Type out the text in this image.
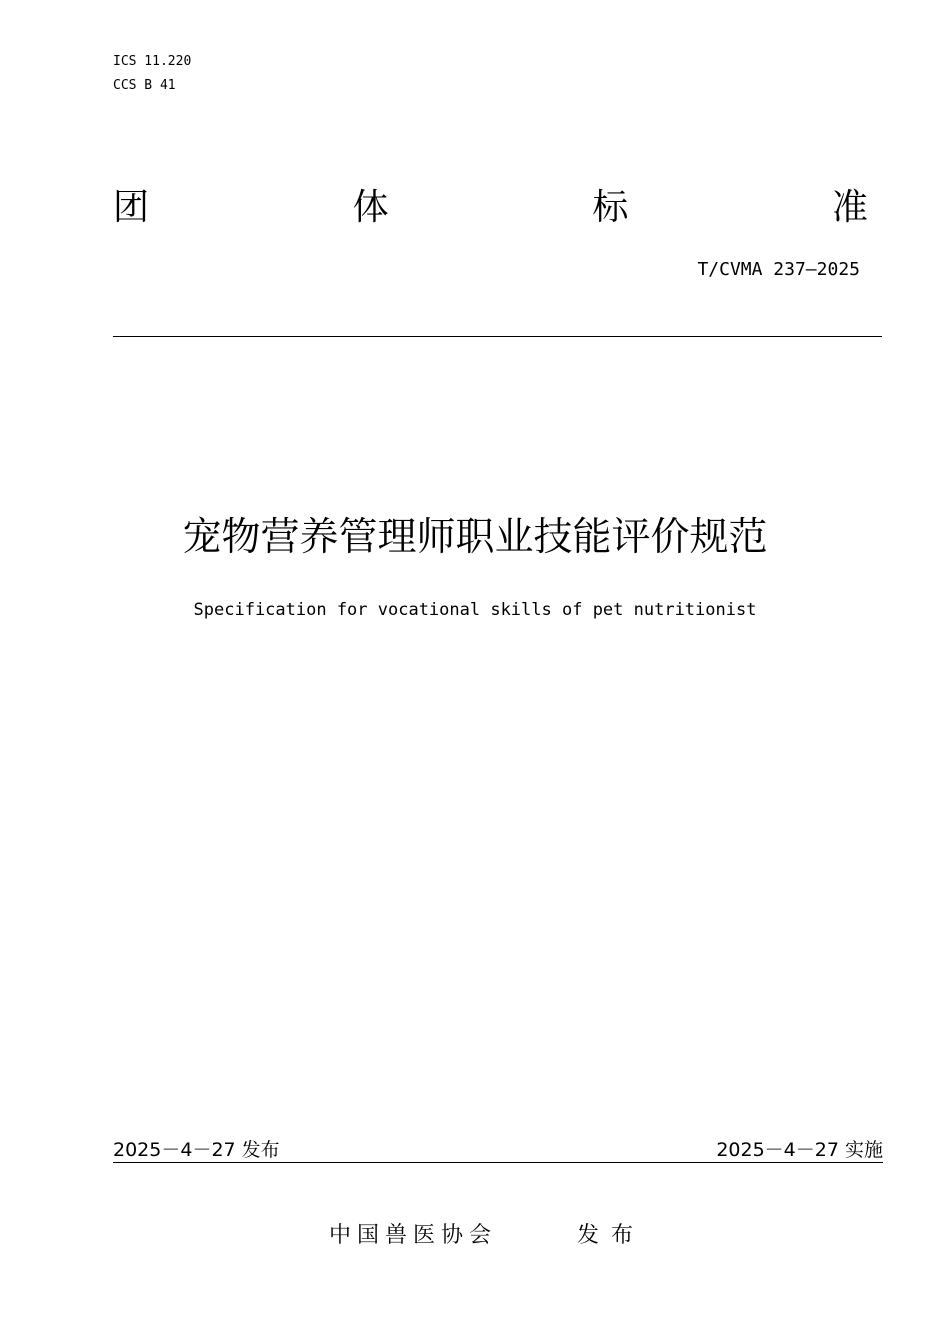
ICS 11.220
CCS B 41
团	体	标	准
T/CVMA 237—2025
宠物营养管理师职业技能评价规范
Specification for vocational skills of pet nutritionist
2025－4－27 发布	2025－4－27 实施
中国兽医协会	发布
